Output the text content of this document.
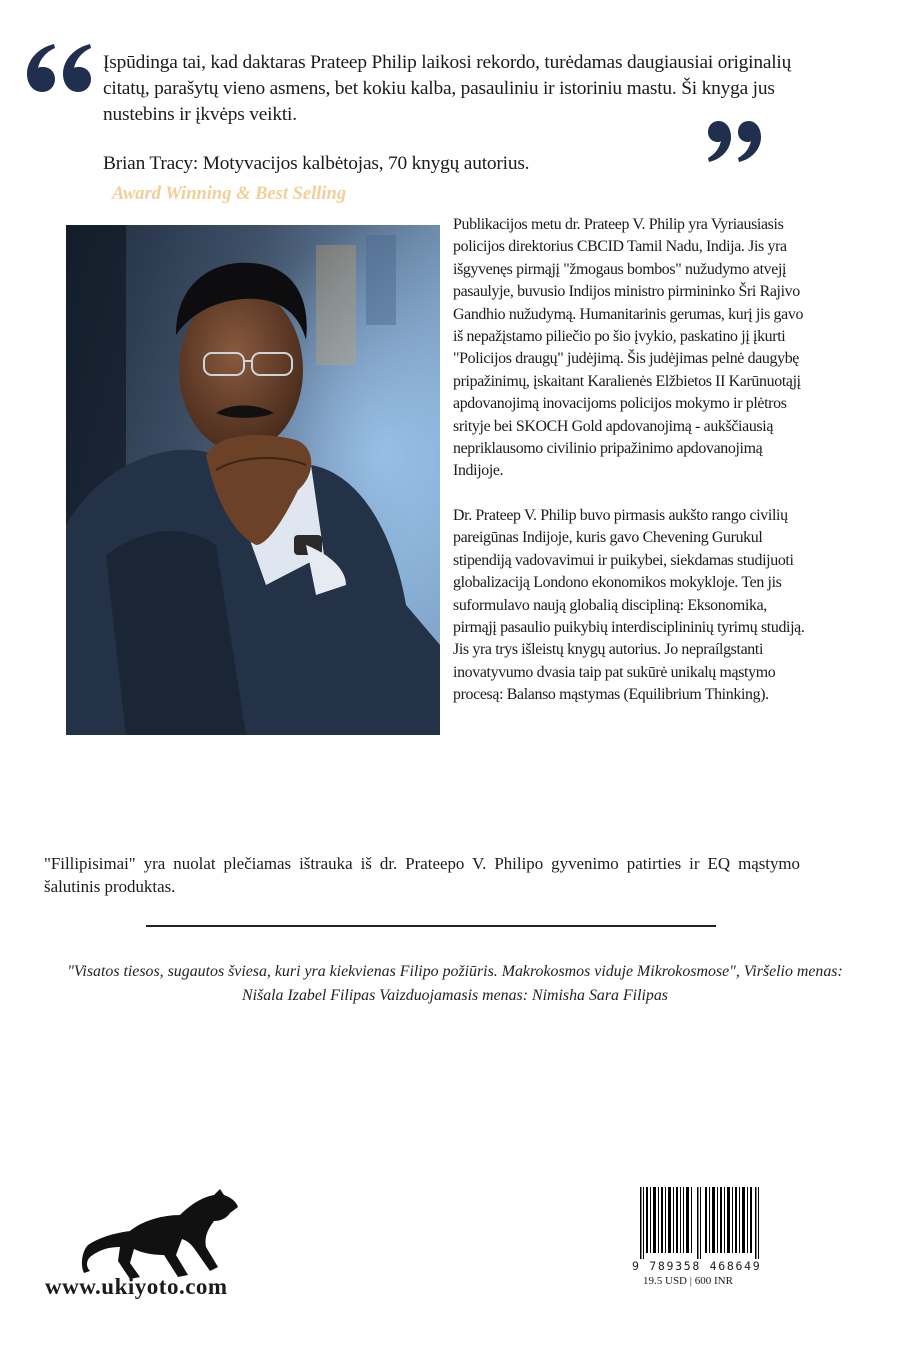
Įspūdinga tai, kad daktaras Prateep Philip laikosi rekordo, turėdamas daugiausiai originalių citatų, parašytų vieno asmens, bet kokiu kalba, pasauliniu ir istoriniu mastu. Ši knyga jus nustebins ir įkvėps veikti.

Brian Tracy: Motyvacijos kalbėtojas, 70 knygų autorius.

Award Winning & Best Selling

Publikacijos metu dr. Prateep V. Philip yra Vyriausiasis policijos direktorius CBCID Tamil Nadu, Indija. Jis yra išgyvenęs pirmąjį "žmogaus bombos" nužudymo atvejį pasaulyje, buvusio Indijos ministro pirmininko Šri Rajivo Gandhio nužudymą. Humanitarinis gerumas, kurį jis gavo iš nepažįstamo piliečio po šio įvykio, paskatino jį įkurti "Policijos draugų" judėjimą. Šis judėjimas pelnė daugybę pripažinimų, įskaitant Karalienės Elžbietos II Karūnuotąjį apdovanojimą inovacijoms policijos mokymo ir plėtros srityje bei SKOCH Gold apdovanojimą - aukščiausią nepriklausomo civilinio pripažinimo apdovanojimą Indijoje.

Dr. Prateep V. Philip buvo pirmasis aukšto rango civilių pareigūnas Indijoje, kuris gavo Chevening Gurukul stipendiją vadovavimui ir puikybei, siekdamas studijuoti globalizaciją Londono ekonomikos mokykloje. Ten jis suformulavo naują globalią discipliną: Eksonomika, pirmąjį pasaulio puikybių interdisciplininių tyrimų studiją. Jis yra trys išleistų knygų autorius. Jo nepraílgstanti inovatyvumo dvasia taip pat sukūrė unikalų mąstymo procesą: Balanso mąstymas (Equilibrium Thinking).

"Fillipisimai" yra nuolat plečiamas ištrauka iš dr. Prateepo V. Philipo gyvenimo patirties ir EQ mąstymo šalutinis produktas.

"Visatos tiesos, sugautos šviesa, kuri yra kiekvienas Filipo požiūris. Makrokosmos viduje Mikrokosmose", Viršelio menas: Nišala Izabel Filipas Vaizduojamasis menas: Nimisha Sara Filipas

www.ukiyoto.com

9 789358 468649

19.5 USD | 600 INR
